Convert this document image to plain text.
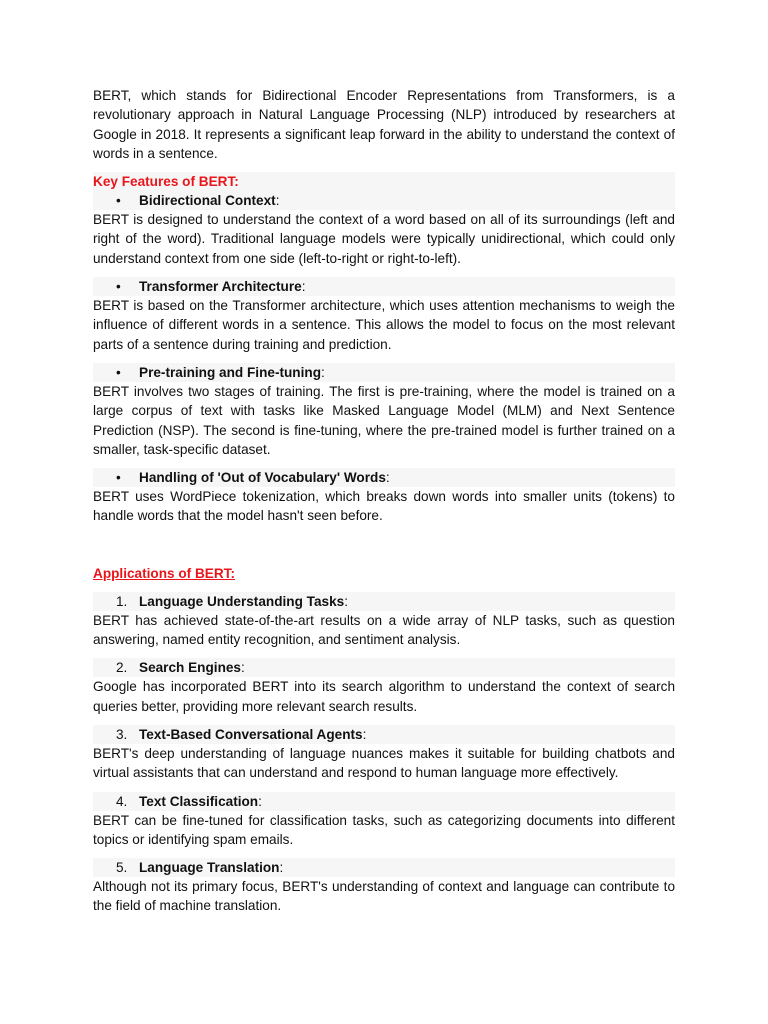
BERT, which stands for Bidirectional Encoder Representations from Transformers, is a revolutionary approach in Natural Language Processing (NLP) introduced by researchers at Google in 2018. It represents a significant leap forward in the ability to understand the context of words in a sentence.

Key Features of BERT:
•	Bidirectional Context:

BERT is designed to understand the context of a word based on all of its surroundings (left and right of the word). Traditional language models were typically unidirectional, which could only understand context from one side (left-to-right or right-to-left).

•	Transformer Architecture:

BERT is based on the Transformer architecture, which uses attention mechanisms to weigh the influence of different words in a sentence. This allows the model to focus on the most relevant parts of a sentence during training and prediction.

•	Pre-training and Fine-tuning:

BERT involves two stages of training. The first is pre-training, where the model is trained on a large corpus of text with tasks like Masked Language Model (MLM) and Next Sentence Prediction (NSP). The second is fine-tuning, where the pre-trained model is further trained on a smaller, task-specific dataset.

•	Handling of 'Out of Vocabulary' Words:

BERT uses WordPiece tokenization, which breaks down words into smaller units (tokens) to handle words that the model hasn't seen before.

Applications of BERT:
1. Language Understanding Tasks:

BERT has achieved state-of-the-art results on a wide array of NLP tasks, such as question answering, named entity recognition, and sentiment analysis.

2. Search Engines:

Google has incorporated BERT into its search algorithm to understand the context of search queries better, providing more relevant search results.

3. Text-Based Conversational Agents:

BERT's deep understanding of language nuances makes it suitable for building chatbots and virtual assistants that can understand and respond to human language more effectively.

4. Text Classification:

BERT can be fine-tuned for classification tasks, such as categorizing documents into different topics or identifying spam emails.

5. Language Translation:

Although not its primary focus, BERT's understanding of context and language can contribute to the field of machine translation.
